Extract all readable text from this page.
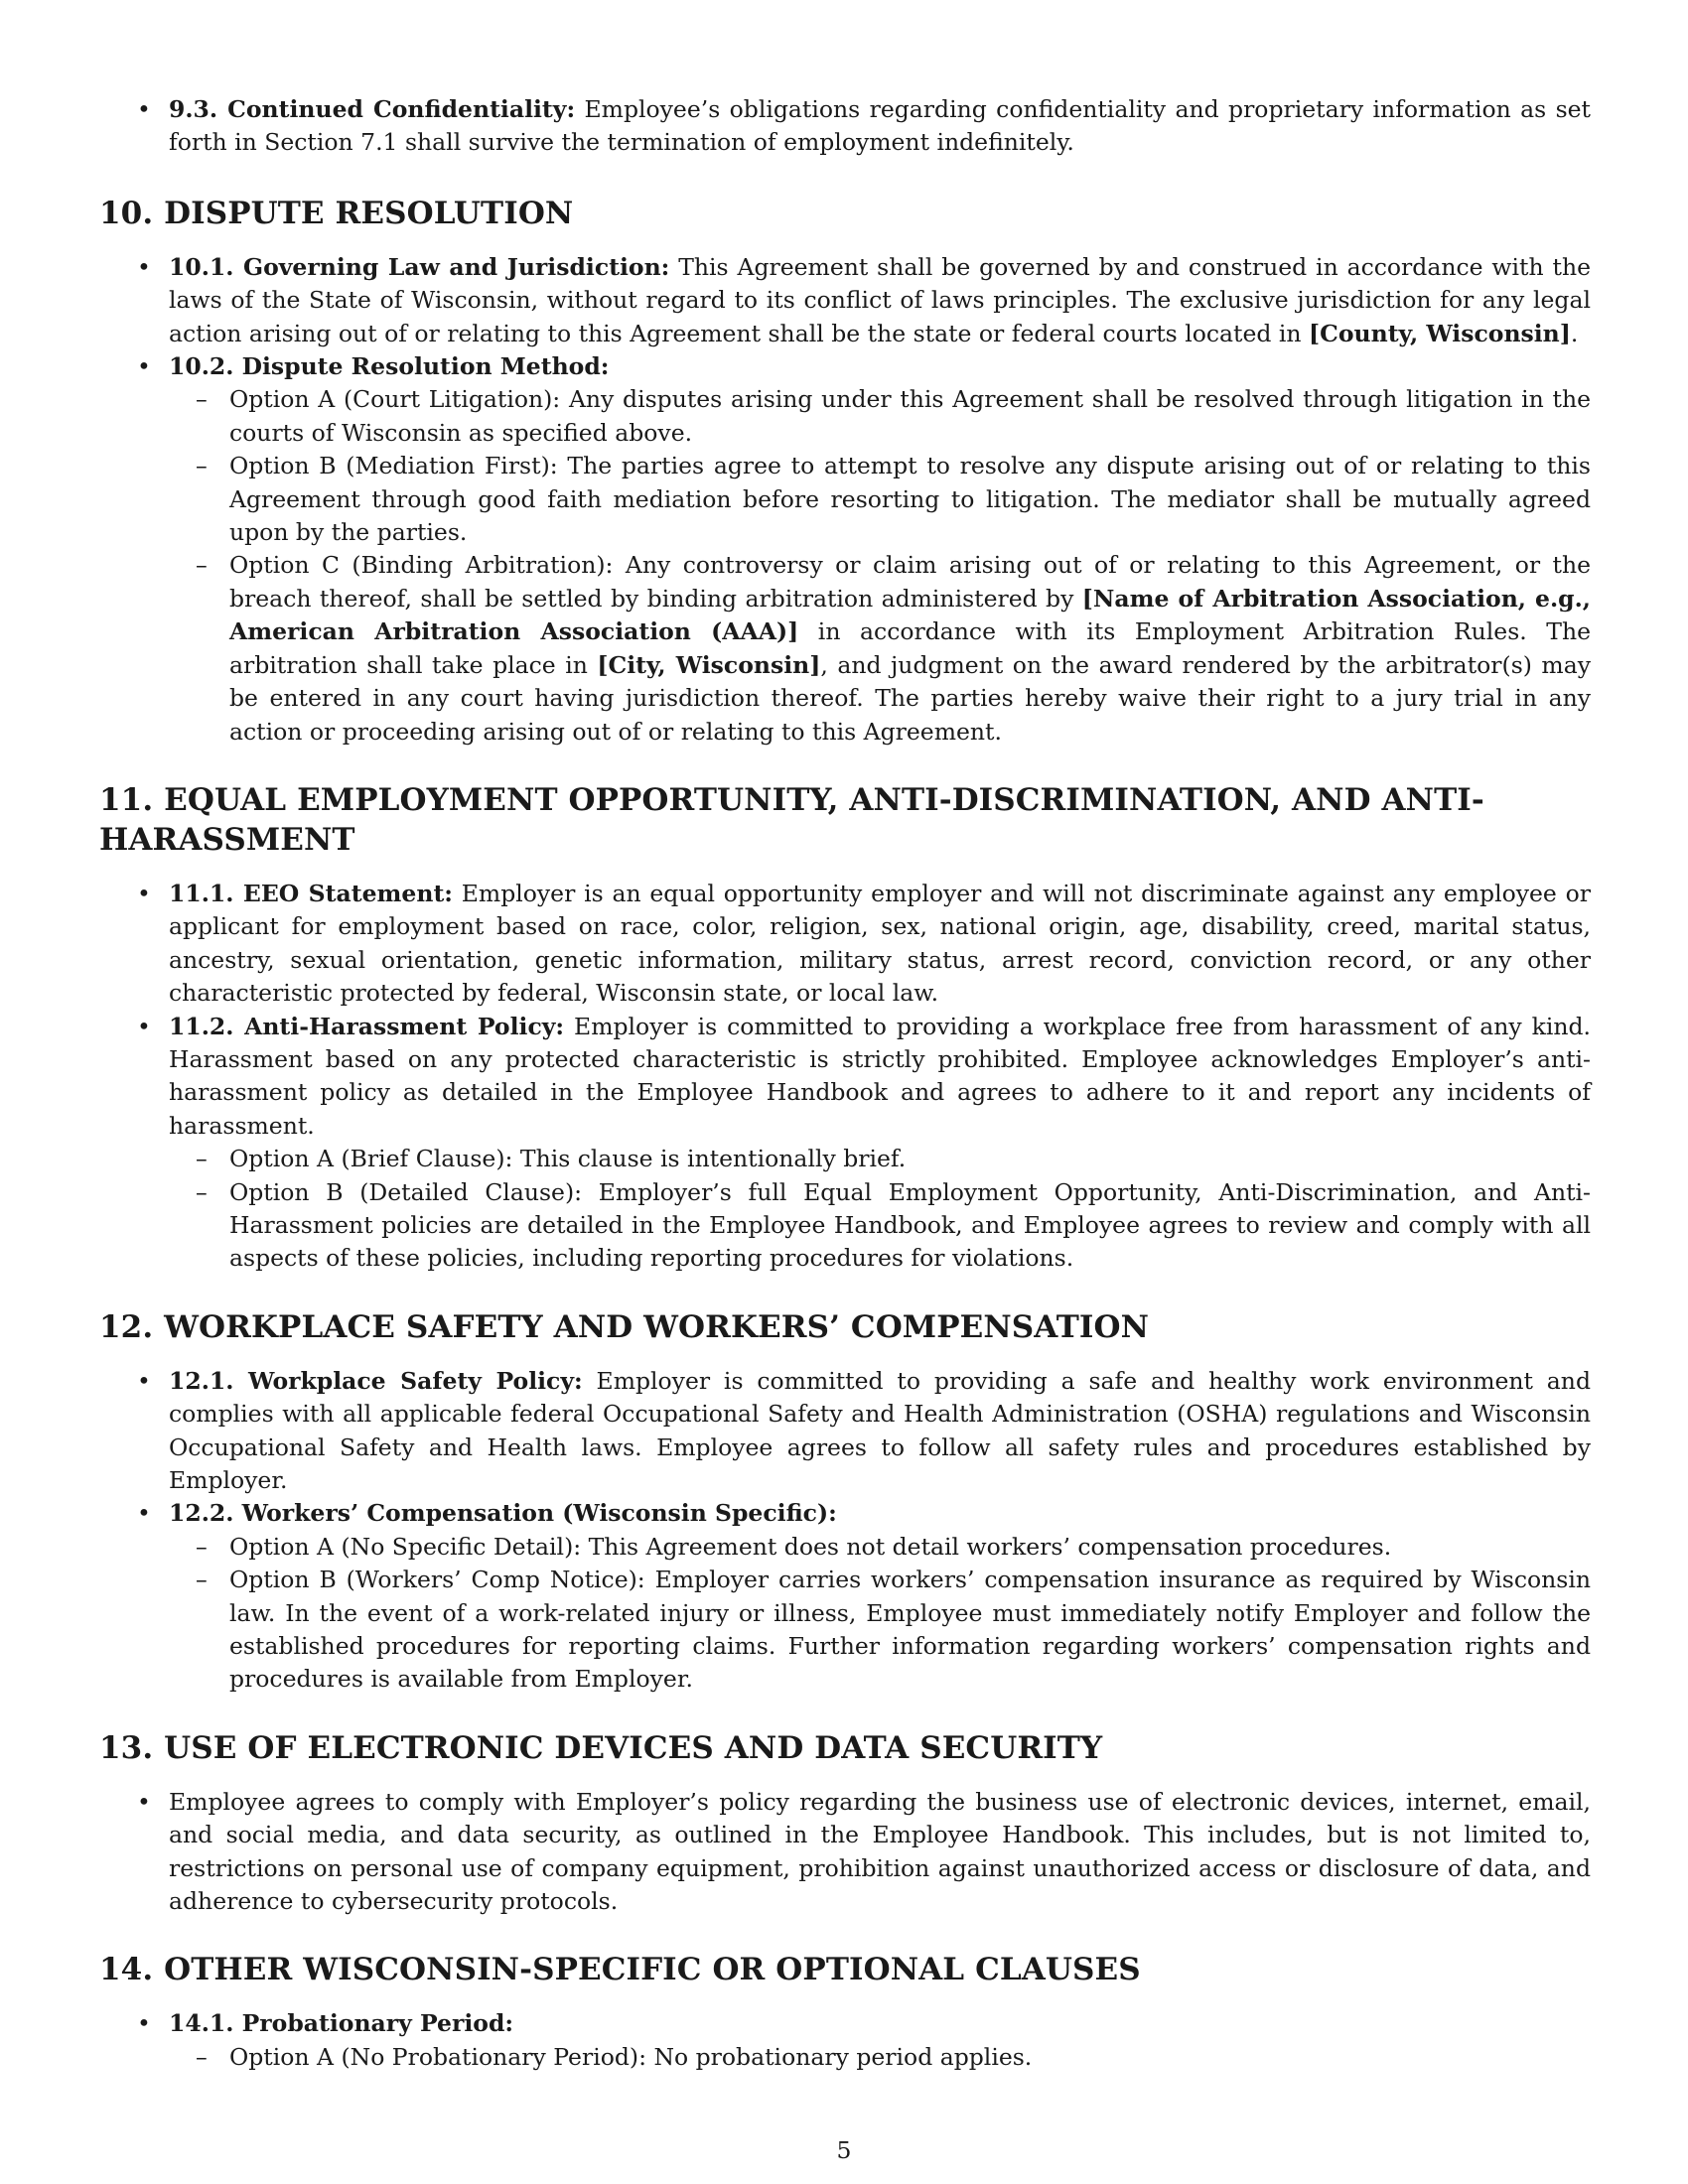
• 9.3. Continued Confidentiality: Employee’s obligations regarding confidentiality and proprietary information as set forth in Section 7.1 shall survive the termination of employment indefinitely.
10. DISPUTE RESOLUTION
• 10.1. Governing Law and Jurisdiction: This Agreement shall be governed by and construed in accordance with the laws of the State of Wisconsin, without regard to its conflict of laws principles. The exclusive jurisdiction for any legal action arising out of or relating to this Agreement shall be the state or federal courts located in [County, Wisconsin].
• 10.2. Dispute Resolution Method:
– Option A (Court Litigation): Any disputes arising under this Agreement shall be resolved through litigation in the courts of Wisconsin as specified above.
– Option B (Mediation First): The parties agree to attempt to resolve any dispute arising out of or relating to this Agreement through good faith mediation before resorting to litigation. The mediator shall be mutually agreed upon by the parties.
– Option C (Binding Arbitration): Any controversy or claim arising out of or relating to this Agreement, or the breach thereof, shall be settled by binding arbitration administered by [Name of Arbitration Association, e.g., American Arbitration Association (AAA)] in accordance with its Employment Arbitration Rules. The arbitration shall take place in [City, Wisconsin], and judgment on the award rendered by the arbitrator(s) may be entered in any court having jurisdiction thereof. The parties hereby waive their right to a jury trial in any action or proceeding arising out of or relating to this Agreement.
11. EQUAL EMPLOYMENT OPPORTUNITY, ANTI-DISCRIMINATION, AND ANTI-HARASSMENT
• 11.1. EEO Statement: Employer is an equal opportunity employer and will not discriminate against any employee or applicant for employment based on race, color, religion, sex, national origin, age, disability, creed, marital status, ancestry, sexual orientation, genetic information, military status, arrest record, conviction record, or any other characteristic protected by federal, Wisconsin state, or local law.
• 11.2. Anti-Harassment Policy: Employer is committed to providing a workplace free from harassment of any kind. Harassment based on any protected characteristic is strictly prohibited. Employee acknowledges Employer’s anti-harassment policy as detailed in the Employee Handbook and agrees to adhere to it and report any incidents of harassment.
– Option A (Brief Clause): This clause is intentionally brief.
– Option B (Detailed Clause): Employer’s full Equal Employment Opportunity, Anti-Discrimination, and Anti-Harassment policies are detailed in the Employee Handbook, and Employee agrees to review and comply with all aspects of these policies, including reporting procedures for violations.
12. WORKPLACE SAFETY AND WORKERS’ COMPENSATION
• 12.1. Workplace Safety Policy: Employer is committed to providing a safe and healthy work environment and complies with all applicable federal Occupational Safety and Health Administration (OSHA) regulations and Wisconsin Occupational Safety and Health laws. Employee agrees to follow all safety rules and procedures established by Employer.
• 12.2. Workers’ Compensation (Wisconsin Specific):
– Option A (No Specific Detail): This Agreement does not detail workers’ compensation procedures.
– Option B (Workers’ Comp Notice): Employer carries workers’ compensation insurance as required by Wisconsin law. In the event of a work-related injury or illness, Employee must immediately notify Employer and follow the established procedures for reporting claims. Further information regarding workers’ compensation rights and procedures is available from Employer.
13. USE OF ELECTRONIC DEVICES AND DATA SECURITY
• Employee agrees to comply with Employer’s policy regarding the business use of electronic devices, internet, email, and social media, and data security, as outlined in the Employee Handbook. This includes, but is not limited to, restrictions on personal use of company equipment, prohibition against unauthorized access or disclosure of data, and adherence to cybersecurity protocols.
14. OTHER WISCONSIN-SPECIFIC OR OPTIONAL CLAUSES
• 14.1. Probationary Period:
– Option A (No Probationary Period): No probationary period applies.
5
